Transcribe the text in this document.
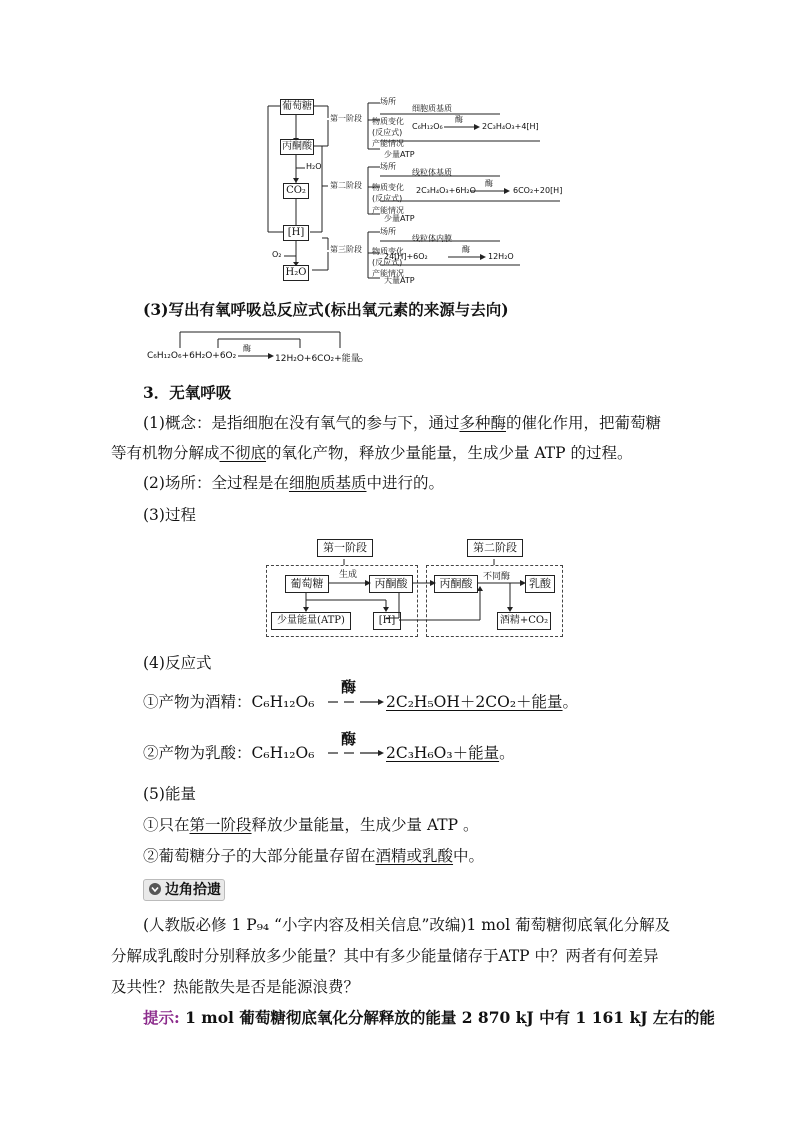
葡萄糖
丙酮酸
CO₂
[H]
H₂O
H₂O
O₂
第一阶段
场所
细胞质基质
物质变化
(反应式)
C₆H₁₂O₆
酶
2C₃H₄O₃+4[H]
产能情况
少量ATP
第二阶段
场所
线粒体基质
物质变化
(反应式)
2C₃H₄O₃+6H₂O
酶
6CO₂+20[H]
产能情况
少量ATP
第三阶段
场所
线粒体内膜
物质变化
(反应式)
24[H]+6O₂
酶
12H₂O
产能情况
大量ATP
(3)写出有氧呼吸总反应式(标出氧元素的来源与去向)
C₆H₁₂O₆+6H₂O+6O₂
酶
12H₂O+6CO₂+能量
。
3．无氧呼吸
(1)概念：是指细胞在没有氧气的参与下，通过多种酶的催化作用，把葡萄糖
等有机物分解成不彻底的氧化产物，释放少量能量，生成少量 ATP 的过程。
(2)场所：全过程是在细胞质基质中进行的。
(3)过程
第一阶段	第二阶段
葡萄糖	丙酮酸
少量能量(ATP)	[H]
丙酮酸	乳酸
酒精+CO₂
生成	不同酶
(4)反应式
①产物为酒精：C₆H₁₂O₆
酶
2C₂H₅OH＋2CO₂＋能量。
②产物为乳酸：C₆H₁₂O₆
酶
2C₃H₆O₃＋能量。
(5)能量
①只在第一阶段释放少量能量，生成少量 ATP 。
②葡萄糖分子的大部分能量存留在酒精或乳酸中。
边角拾遗
(人教版必修 1 P₉₄ “小字内容及相关信息”改编)1 mol 葡萄糖彻底氧化分解及
分解成乳酸时分别释放多少能量？其中有多少能量储存于ATP 中？两者有何差异
及共性？热能散失是否是能源浪费？
提示: 1 mol 葡萄糖彻底氧化分解释放的能量 2 870 kJ 中有 1 161 kJ 左右的能
